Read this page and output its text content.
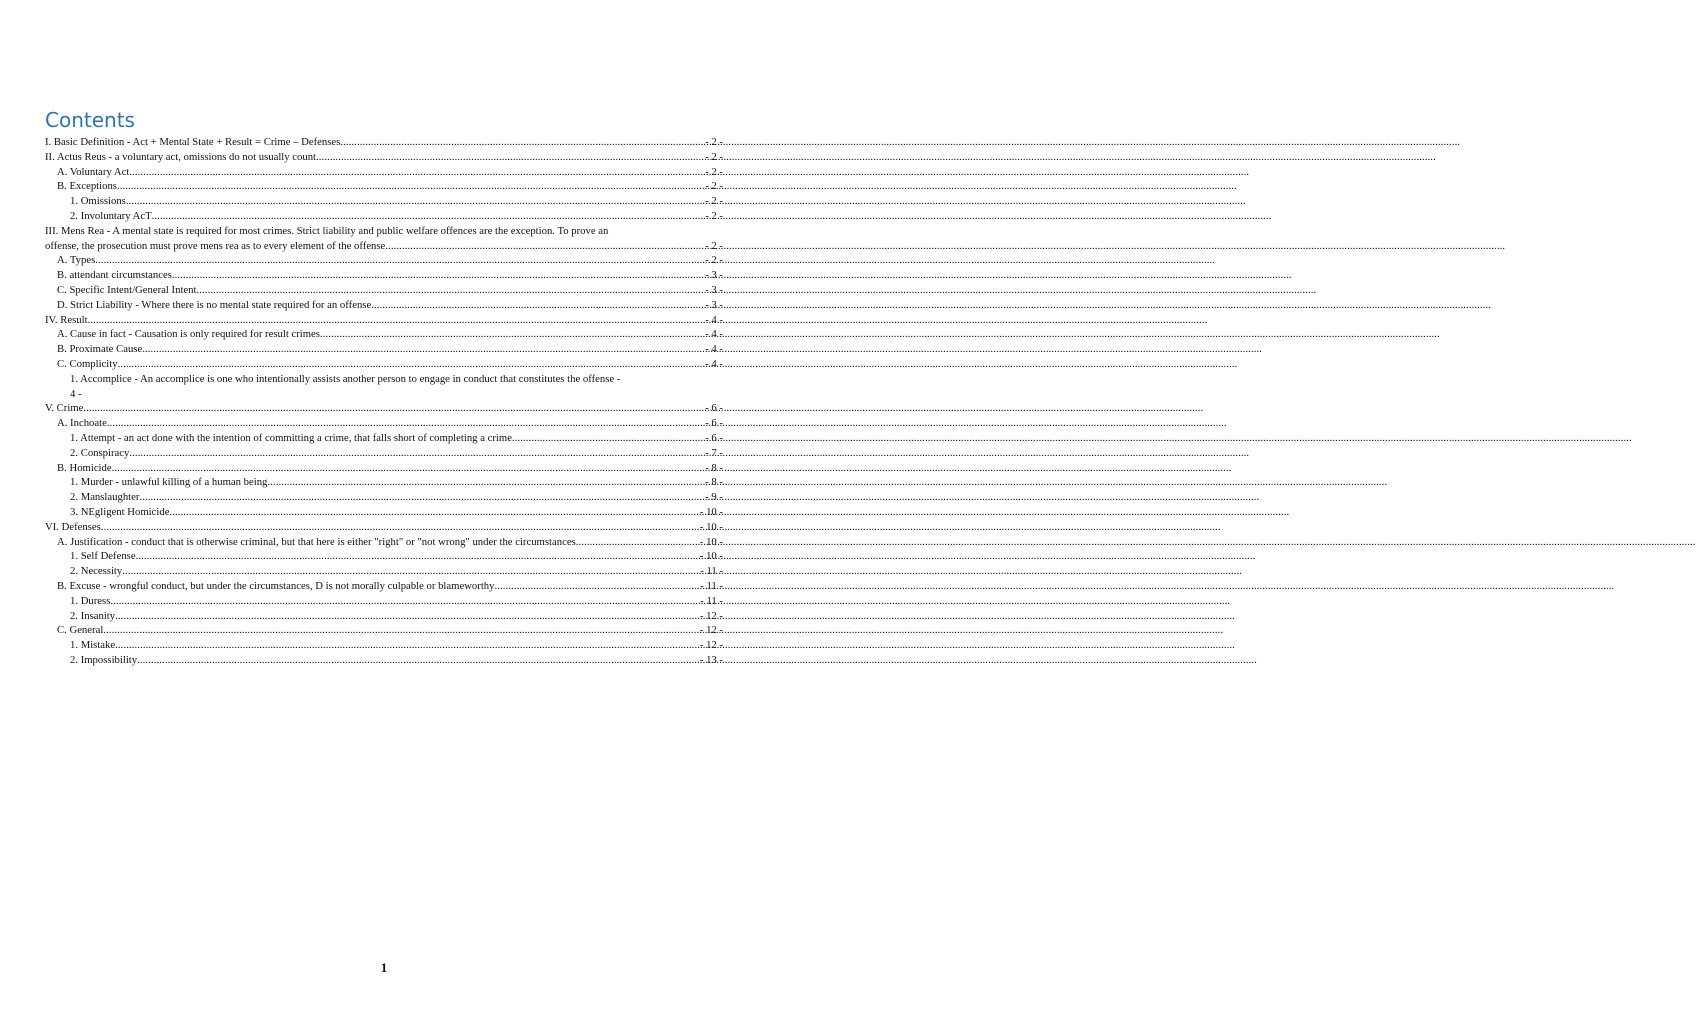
Contents
I. Basic Definition - Act + Mental State + Result = Crime – Defenses .....	- 2 -
II. Actus Reus - a voluntary act, omissions do not usually count .....	- 2 -
A. Voluntary Act .....	- 2 -
B. Exceptions .....	- 2 -
1. Omissions .....	- 2 -
2. Involuntary AcT .....	- 2 -
III. Mens Rea - A mental state is required for most crimes. Strict liability and public welfare offences are the exception. To prove an
offense, the prosecution must prove mens rea as to every element of the offense .....	- 2 -
A. Types .....	- 2 -
B. attendant circumstances .....	- 3 -
C. Specific Intent/General Intent .....	- 3 -
D. Strict Liability - Where there is no mental state required for an offense .....	- 3 -
IV. Result .....	- 4 -
A. Cause in fact - Causation is only required for result crimes .....	- 4 -
B. Proximate Cause .....	- 4 -
C. Complicity .....	- 4 -
1. Accomplice - An accomplice is one who intentionally assists another person to engage in conduct that constitutes the offense -
4 -
V. Crime .....	- 6 -
A. Inchoate .....	- 6 -
1. Attempt - an act done with the intention of committing a crime, that falls short of completing a crime .....	- 6 -
2. Conspiracy .....	- 7 -
B. Homicide .....	- 8 -
1. Murder - unlawful killing of a human being .....	- 8 -
2. Manslaughter .....	- 9 -
3. NEgligent Homicide .....	- 10 -
VI. Defenses .....	- 10 -
A. Justification - conduct that is otherwise criminal, but that here is either "right" or "not wrong" under the circumstances .....	- 10 -
1. Self Defense .....	- 10 -
2. Necessity .....	- 11 -
B. Excuse - wrongful conduct, but under the circumstances, D is not morally culpable or blameworthy .....	- 11 -
1. Duress .....	- 11 -
2. Insanity .....	- 12 -
C. General .....	- 12 -
1. Mistake .....	- 12 -
2. Impossibility .....	- 13 -
1
